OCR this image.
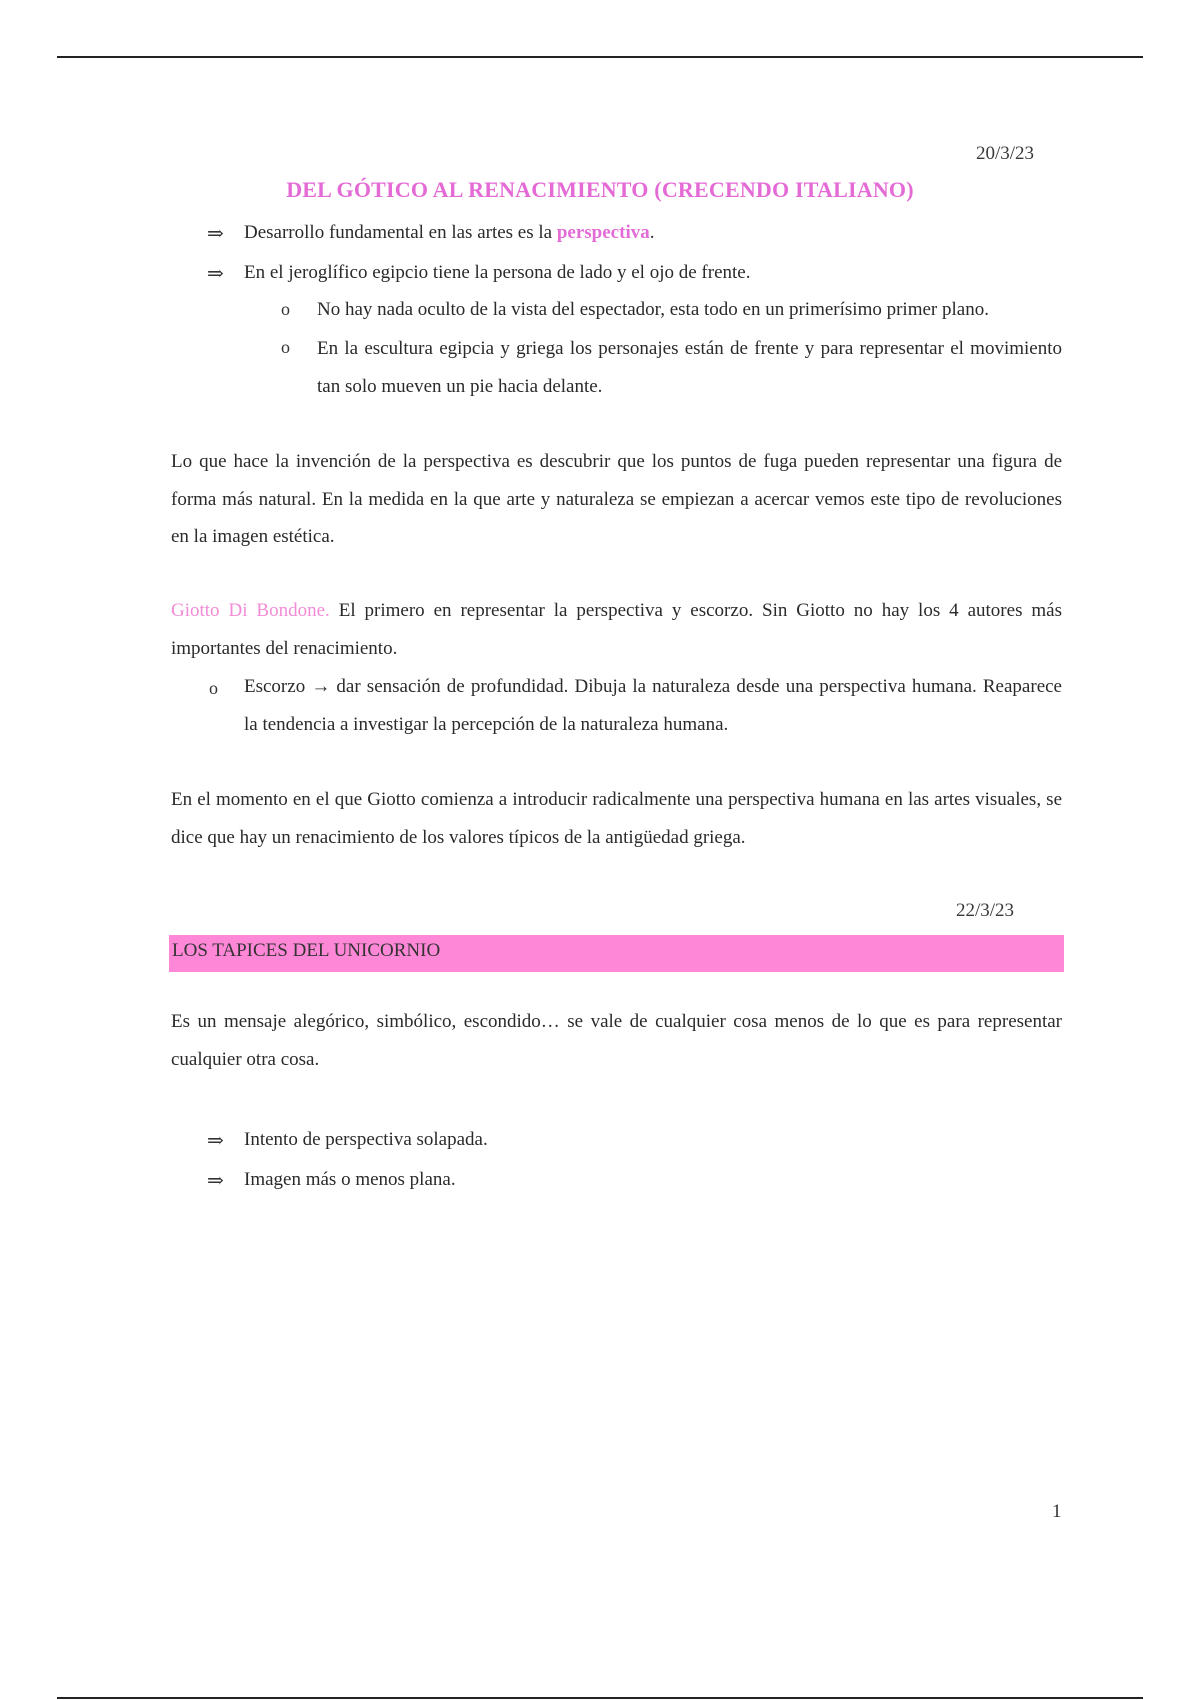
20/3/23
DEL GÓTICO AL RENACIMIENTO (CRECENDO ITALIANO)
⇒ Desarrollo fundamental en las artes es la perspectiva.
⇒ En el jeroglífico egipcio tiene la persona de lado y el ojo de frente.
o No hay nada oculto de la vista del espectador, esta todo en un primerísimo primer plano.
o En la escultura egipcia y griega los personajes están de frente y para representar el movimiento tan solo mueven un pie hacia delante.
Lo que hace la invención de la perspectiva es descubrir que los puntos de fuga pueden representar una figura de forma más natural. En la medida en la que arte y naturaleza se empiezan a acercar vemos este tipo de revoluciones en la imagen estética.
Giotto Di Bondone. El primero en representar la perspectiva y escorzo. Sin Giotto no hay los 4 autores más importantes del renacimiento.
o Escorzo → dar sensación de profundidad. Dibuja la naturaleza desde una perspectiva humana. Reaparece la tendencia a investigar la percepción de la naturaleza humana.
En el momento en el que Giotto comienza a introducir radicalmente una perspectiva humana en las artes visuales, se dice que hay un renacimiento de los valores típicos de la antigüedad griega.
22/3/23
LOS TAPICES DEL UNICORNIO
Es un mensaje alegórico, simbólico, escondido… se vale de cualquier cosa menos de lo que es para representar cualquier otra cosa.
⇒ Intento de perspectiva solapada.
⇒ Imagen más o menos plana.
1
